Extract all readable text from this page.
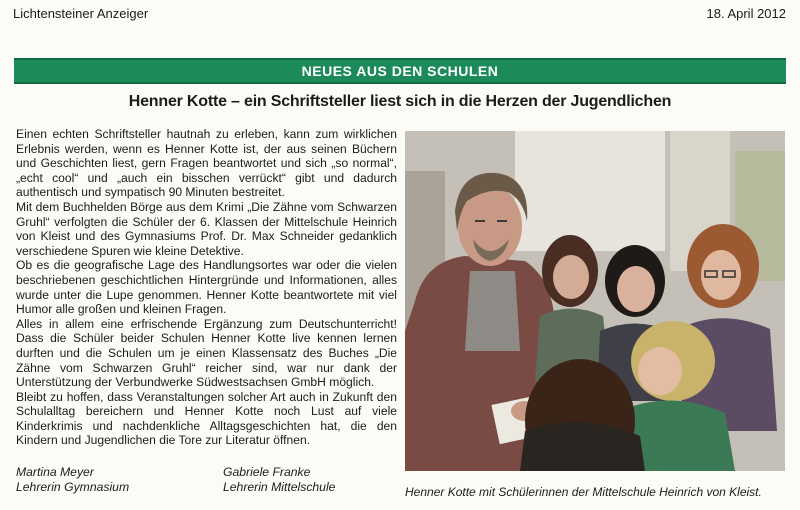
Lichtensteiner Anzeiger	18. April 2012
NEUES AUS DEN SCHULEN
Henner Kotte – ein Schriftsteller liest sich in die Herzen der Jugendlichen

Einen echten Schriftsteller hautnah zu erleben, kann zum wirklichen Erlebnis werden, wenn es Henner Kotte ist, der aus seinen Büchern und Geschichten liest, gern Fragen beantwortet und sich „so normal“, „echt cool“ und „auch ein bisschen verrückt“ gibt und dadurch authentisch und sympatisch 90 Minuten bestreitet.

Mit dem Buchhelden Börge aus dem Krimi „Die Zähne vom Schwarzen Gruhl“ verfolgten die Schüler der 6. Klassen der Mittelschule Heinrich von Kleist und des Gymnasiums Prof. Dr. Max Schneider gedanklich verschiedene Spuren wie kleine Detektive.

Ob es die geografische Lage des Handlungsortes war oder die vielen beschriebenen geschichtlichen Hintergründe und Informationen, alles wurde unter die Lupe genommen. Henner Kotte beantwortete mit viel Humor alle großen und kleinen Fragen.

Alles in allem eine erfrischende Ergänzung zum Deutschunterricht! Dass die Schüler beider Schulen Henner Kotte live kennen lernen durften und die Schulen um je einen Klassensatz des Buches „Die Zähne vom Schwarzen Gruhl“ reicher sind, war nur dank der Unterstützung der Verbundwerke Südwestsachsen GmbH möglich.

Bleibt zu hoffen, dass Veranstaltungen solcher Art auch in Zukunft den Schulalltag bereichern und Henner Kotte noch Lust auf viele Kinderkrimis und nachdenkliche Alltagsgeschichten hat, die den Kindern und Jugendlichen die Tore zur Literatur öffnen.

Martina Meyer
Lehrerin Gymnasium
Gabriele Franke
Lehrerin Mittelschule	Henner Kotte mit Schülerinnen der Mittelschule Heinrich von Kleist.
